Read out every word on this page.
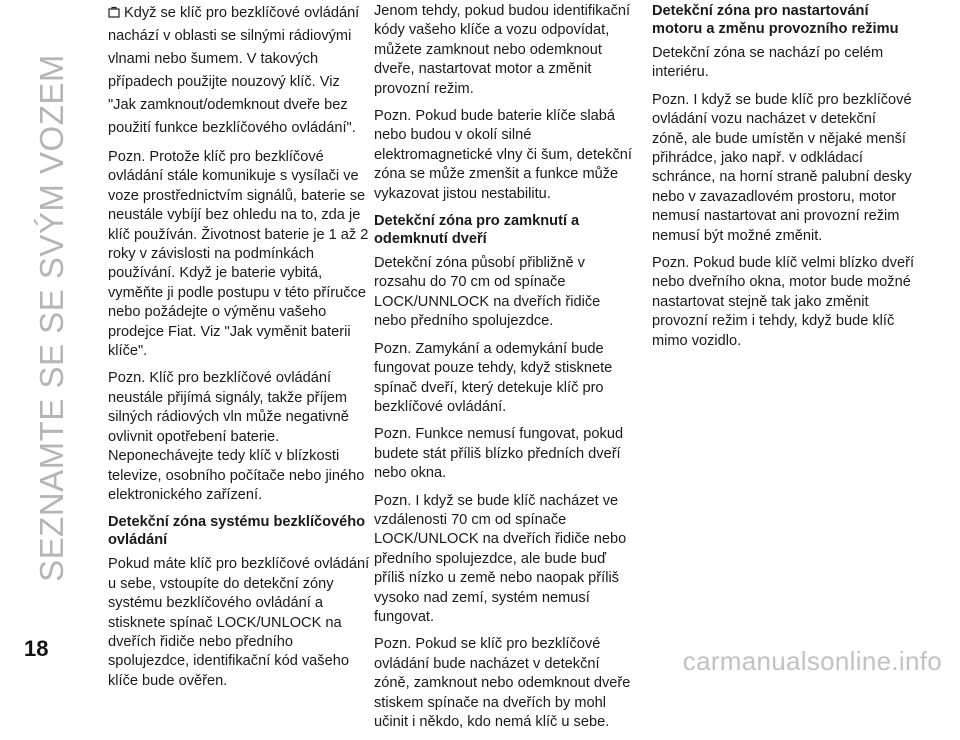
SEZNAMTE SE SE SVÝM VOZEM

Když se klíč pro bezklíčové ovládání nachází v oblasti se silnými rádiovými vlnami nebo šumem. V takových případech použijte nouzový klíč. Viz "Jak zamknout/odemknout dveře bez použití funkce bezklíčového ovládání".

Pozn. Protože klíč pro bezklíčové ovládání stále komunikuje s vysílači ve voze prostřednictvím signálů, baterie se neustále vybíjí bez ohledu na to, zda je klíč používán. Životnost baterie je 1 až 2 roky v závislosti na podmínkách používání. Když je baterie vybitá, vyměňte ji podle postupu v této příručce nebo požádejte o výměnu vašeho prodejce Fiat. Viz "Jak vyměnit baterii klíče".

Pozn. Klíč pro bezklíčové ovládání neustále přijímá signály, takže příjem silných rádiových vln může negativně ovlivnit opotřebení baterie. Neponechávejte tedy klíč v blízkosti televize, osobního počítače nebo jiného elektronického zařízení.

Detekční zóna systému bezklíčového ovládání

Pokud máte klíč pro bezklíčové ovládání u sebe, vstoupíte do detekční zóny systému bezklíčového ovládání a stisknete spínač LOCK/UNLOCK na dveřích řidiče nebo předního spolujezdce, identifikační kód vašeho klíče bude ověřen.

Jenom tehdy, pokud budou identifikační kódy vašeho klíče a vozu odpovídat, můžete zamknout nebo odemknout dveře, nastartovat motor a změnit provozní režim.

Pozn. Pokud bude baterie klíče slabá nebo budou v okolí silné elektromagnetické vlny či šum, detekční zóna se může zmenšit a funkce může vykazovat jistou nestabilitu.

Detekční zóna pro zamknutí a odemknutí dveří

Detekční zóna působí přibližně v rozsahu do 70 cm od spínače LOCK/UNNLOCK na dveřích řidiče nebo předního spolujezdce.

Pozn. Zamykání a odemykání bude fungovat pouze tehdy, když stisknete spínač dveří, který detekuje klíč pro bezklíčové ovládání.

Pozn. Funkce nemusí fungovat, pokud budete stát příliš blízko předních dveří nebo okna.

Pozn. I když se bude klíč nacházet ve vzdálenosti 70 cm od spínače LOCK/UNLOCK na dveřích řidiče nebo předního spolujezdce, ale bude buď příliš nízko u země nebo naopak příliš vysoko nad zemí, systém nemusí fungovat.

Pozn. Pokud se klíč pro bezklíčové ovládání bude nacházet v detekční zóně, zamknout nebo odemknout dveře stiskem spínače na dveřích by mohl učinit i někdo, kdo nemá klíč u sebe.

Detekční zóna pro nastartování motoru a změnu provozního režimu

Detekční zóna se nachází po celém interiéru.

Pozn. I když se bude klíč pro bezklíčové ovládání vozu nacházet v detekční zóně, ale bude umístěn v nějaké menší přihrádce, jako např. v odkládací schránce, na horní straně palubní desky nebo v zavazadlovém prostoru, motor nemusí nastartovat ani provozní režim nemusí být možné změnit.

Pozn. Pokud bude klíč velmi blízko dveří nebo dveřního okna, motor bude možné nastartovat stejně tak jako změnit provozní režim i tehdy, když bude klíč mimo vozidlo.

18	carmanualsonline.info
